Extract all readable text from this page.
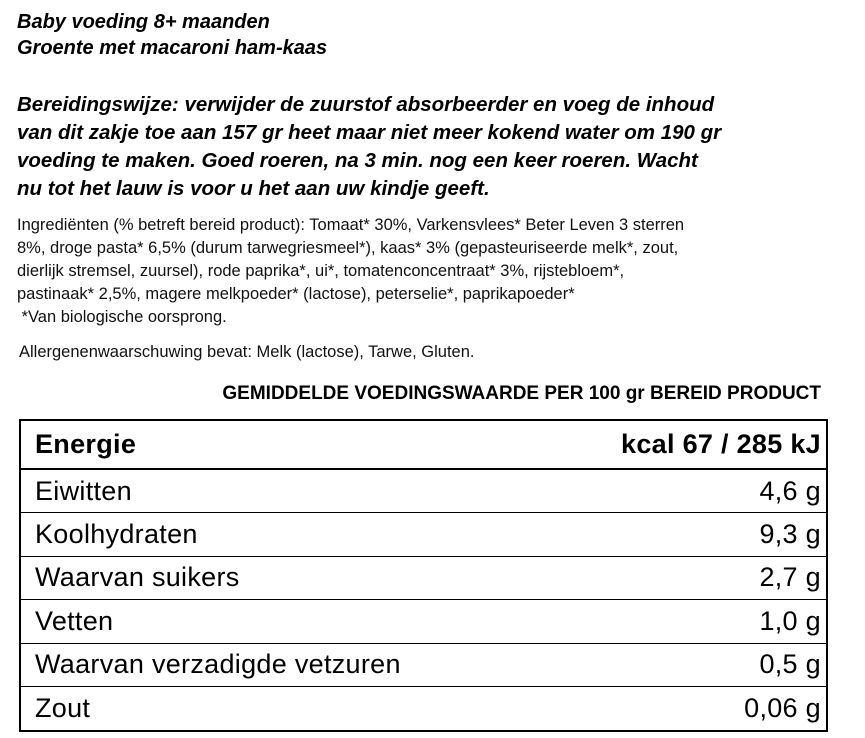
Baby voeding 8+ maanden
Groente met macaroni ham-kaas
Bereidingswijze: verwijder de zuurstof absorbeerder en voeg de inhoud
van dit zakje toe aan 157 gr heet maar niet meer kokend water om 190 gr
voeding te maken. Goed roeren, na 3 min. nog een keer roeren. Wacht
nu tot het lauw is voor u het aan uw kindje geeft.
Ingrediënten (% betreft bereid product): Tomaat* 30%, Varkensvlees* Beter Leven 3 sterren
8%, droge pasta* 6,5% (durum tarwegriesmeel*), kaas* 3% (gepasteuriseerde melk*, zout,
dierlijk stremsel, zuursel), rode paprika*, ui*, tomatenconcentraat* 3%, rijstebloem*,
pastinaak* 2,5%, magere melkpoeder* (lactose), peterselie*, paprikapoeder*
*Van biologische oorsprong.
Allergenenwaarschuwing bevat: Melk (lactose), Tarwe, Gluten.
GEMIDDELDE VOEDINGSWAARDE PER 100 gr BEREID PRODUCT
Energie	kcal 67 / 285 kJ
Eiwitten	4,6 g
Koolhydraten	9,3 g
Waarvan suikers	2,7 g
Vetten	1,0 g
Waarvan verzadigde vetzuren	0,5 g
Zout	0,06 g
